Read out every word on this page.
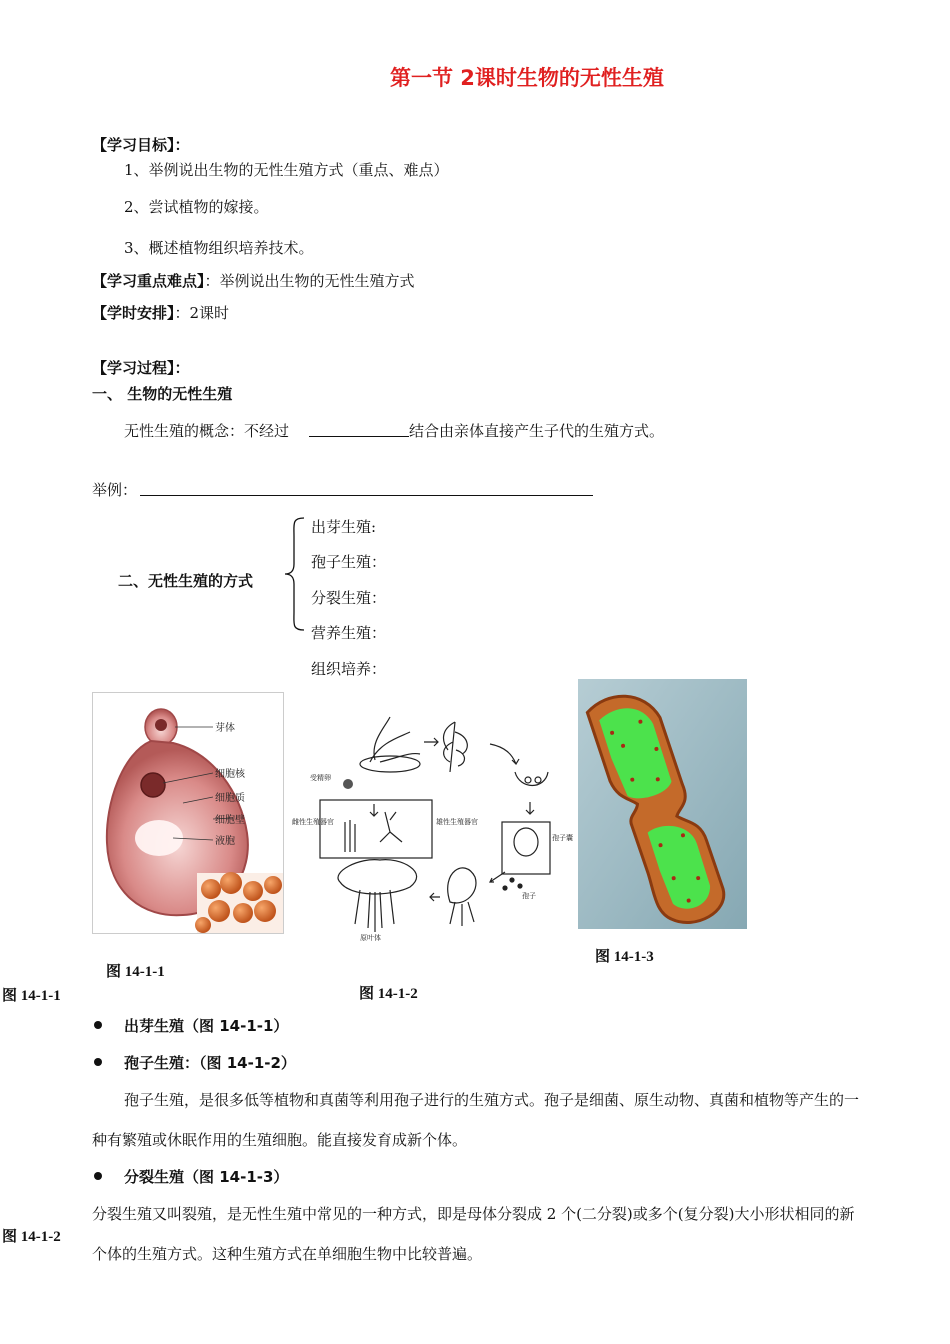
第一节 2课时生物的无性生殖
【学习目标】：
1、举例说出生物的无性生殖方式（重点、难点）
2、尝试植物的嫁接。
3、概述植物组织培养技术。
【学习重点难点】：举例说出生物的无性生殖方式
【学时安排】：2课时
【学习过程】：
一、 生物的无性生殖
无性生殖的概念：不经过	结合由亲体直接产生子代的生殖方式。
举例：
二、无性生殖的方式
出芽生殖:
孢子生殖：
分裂生殖：
营养生殖：
组织培养：
芽体
细胞核
细胞质
细胞壁
液胞
受精卵
雌性生殖器官	雄性生殖器官
孢子囊
孢子
原叶体
图 14-1-1
图 14-1-2
图 14-1-3
图 14-1-1
图 14-1-2
出芽生殖（图 14-1-1）
孢子生殖：（图 14-1-2）
孢子生殖，是很多低等植物和真菌等利用孢子进行的生殖方式。孢子是细菌、原生动物、真菌和植物等产生的一种有繁殖或休眠作用的生殖细胞。能直接发育成新个体。
分裂生殖（图 14-1-3）
分裂生殖又叫裂殖，是无性生殖中常见的一种方式，即是母体分裂成 2 个(二分裂)或多个(复分裂)大小形状相同的新个体的生殖方式。这种生殖方式在单细胞生物中比较普遍。
